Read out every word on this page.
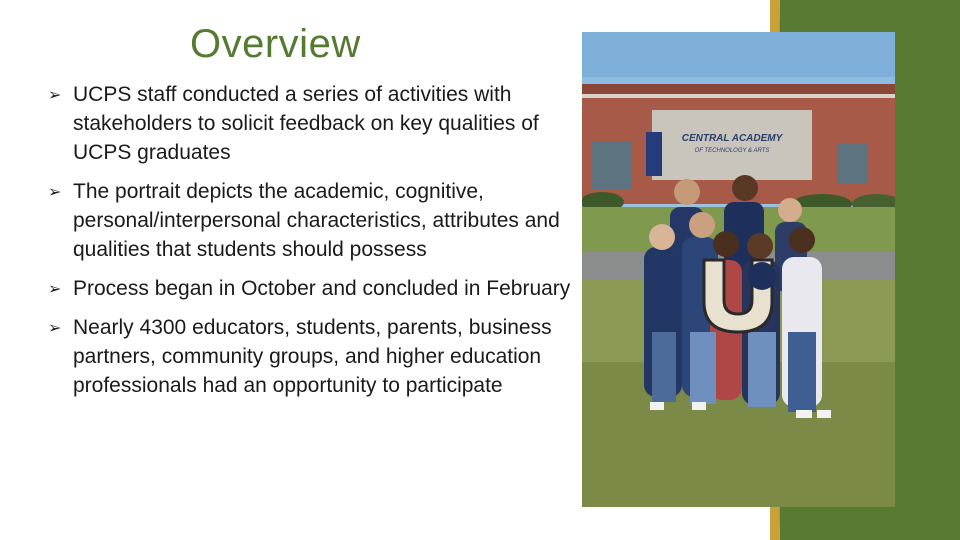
Overview
➢ UCPS staff conducted a series of activities with stakeholders to solicit feedback on key qualities of UCPS graduates
➢ The portrait depicts the academic, cognitive, personal/interpersonal characteristics, attributes and qualities that students should possess
➢ Process began in October and concluded in February
➢ Nearly 4300 educators, students, parents, business partners, community groups, and higher education professionals had an opportunity to participate
CENTRAL ACADEMY
OF TECHNOLOGY & ARTS
